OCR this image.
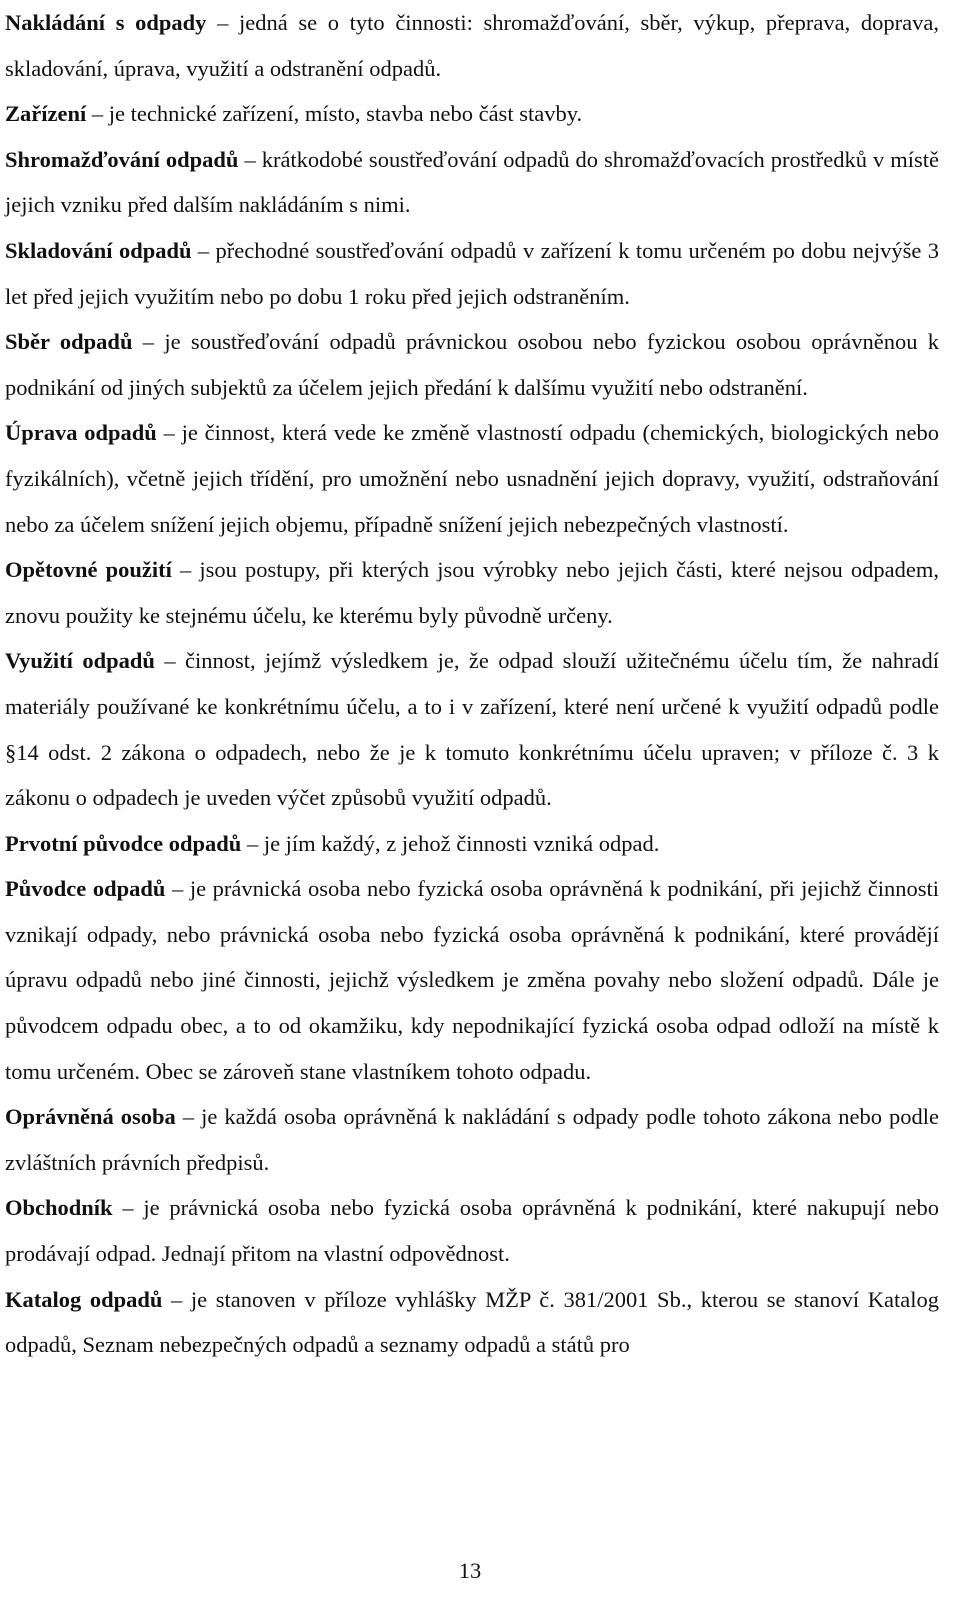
Nakládání s odpady – jedná se o tyto činnosti: shromažďování, sběr, výkup, přeprava, doprava, skladování, úprava, využití a odstranění odpadů.

Zařízení – je technické zařízení, místo, stavba nebo část stavby.

Shromažďování odpadů – krátkodobé soustřeďování odpadů do shromažďovacích prostředků v místě jejich vzniku před dalším nakládáním s nimi.

Skladování odpadů – přechodné soustřeďování odpadů v zařízení k tomu určeném po dobu nejvýše 3 let před jejich využitím nebo po dobu 1 roku před jejich odstraněním.

Sběr odpadů – je soustřeďování odpadů právnickou osobou nebo fyzickou osobou oprávněnou k podnikání od jiných subjektů za účelem jejich předání k dalšímu využití nebo odstranění.

Úprava odpadů – je činnost, která vede ke změně vlastností odpadu (chemických, biologických nebo fyzikálních), včetně jejich třídění, pro umožnění nebo usnadnění jejich dopravy, využití, odstraňování nebo za účelem snížení jejich objemu, případně snížení jejich nebezpečných vlastností.

Opětovné použití – jsou postupy, při kterých jsou výrobky nebo jejich části, které nejsou odpadem, znovu použity ke stejnému účelu, ke kterému byly původně určeny.

Využití odpadů – činnost, jejímž výsledkem je, že odpad slouží užitečnému účelu tím, že nahradí materiály používané ke konkrétnímu účelu, a to i v zařízení, které není určené k využití odpadů podle §14 odst. 2 zákona o odpadech, nebo že je k tomuto konkrétnímu účelu upraven; v příloze č. 3 k zákonu o odpadech je uveden výčet způsobů využití odpadů.

Prvotní původce odpadů – je jím každý, z jehož činnosti vzniká odpad.

Původce odpadů – je právnická osoba nebo fyzická osoba oprávněná k podnikání, při jejichž činnosti vznikají odpady, nebo právnická osoba nebo fyzická osoba oprávněná k podnikání, které provádějí úpravu odpadů nebo jiné činnosti, jejichž výsledkem je změna povahy nebo složení odpadů. Dále je původcem odpadu obec, a to od okamžiku, kdy nepodnikající fyzická osoba odpad odloží na místě k tomu určeném. Obec se zároveň stane vlastníkem tohoto odpadu.

Oprávněná osoba – je každá osoba oprávněná k nakládání s odpady podle tohoto zákona nebo podle zvláštních právních předpisů.

Obchodník – je právnická osoba nebo fyzická osoba oprávněná k podnikání, které nakupují nebo prodávají odpad. Jednají přitom na vlastní odpovědnost.

Katalog odpadů – je stanoven v příloze vyhlášky MŽP č. 381/2001 Sb., kterou se stanoví Katalog odpadů, Seznam nebezpečných odpadů a seznamy odpadů a států pro

13
